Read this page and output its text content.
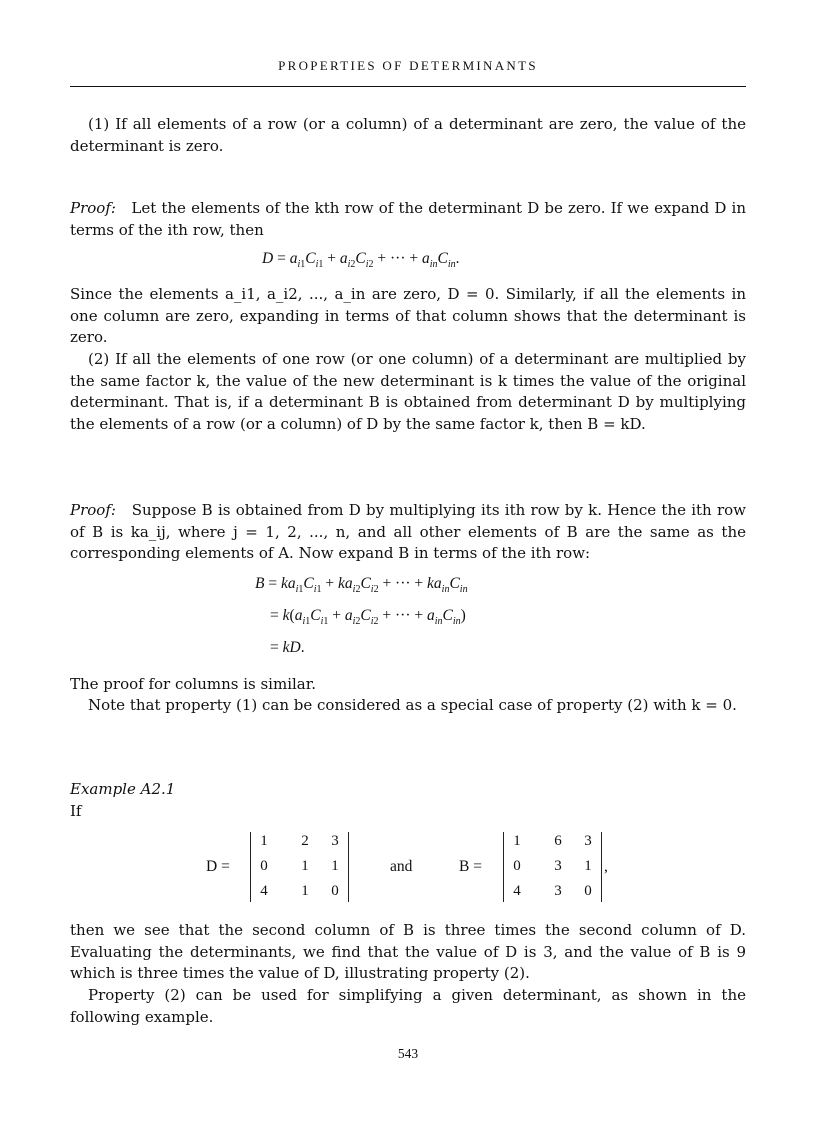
PROPERTIES OF DETERMINANTS

(1) If all elements of a row (or a column) of a determinant are zero, the value of the determinant is zero.

Proof: Let the elements of the kth row of the determinant D be zero. If we expand D in terms of the ith row, then

$D = a_{i1}C_{i1} + a_{i2}C_{i2}$ + ··· + $a_{in}C_{in}$.

Since the elements a_i1, a_i2, ..., a_in are zero, D = 0. Similarly, if all the elements in one column are zero, expanding in terms of that column shows that the determinant is zero.

(2) If all the elements of one row (or one column) of a determinant are multiplied by the same factor k, the value of the new determinant is k times the value of the original determinant. That is, if a determinant B is obtained from determinant D by multiplying the elements of a row (or a column) of D by the same factor k, then B = kD.

Proof: Suppose B is obtained from D by multiplying its ith row by k. Hence the ith row of B is ka_ij, where j = 1, 2, ..., n, and all other elements of B are the same as the corresponding elements of A. Now expand B in terms of the ith row:

$B = ka_{i1}C_{i1} + ka_{i2}C_{i2}$ + ··· + $ka_{in}C_{in}$
= $k(a_{i1}C_{i1} + a_{i2}C_{i2}$ + ··· + $a_{in}C_{in}$)
= kD.

The proof for columns is similar.

Note that property (1) can be considered as a special case of property (2) with k = 0.

Example A2.1
If
D =
1 2 3
0 1 1
4 1 0
and	B =
1 6 3
0 3 1
4 3 0
,

then we see that the second column of B is three times the second column of D. Evaluating the determinants, we find that the value of D is 3, and the value of B is 9 which is three times the value of D, illustrating property (2).

Property (2) can be used for simplifying a given determinant, as shown in the following example.

543
